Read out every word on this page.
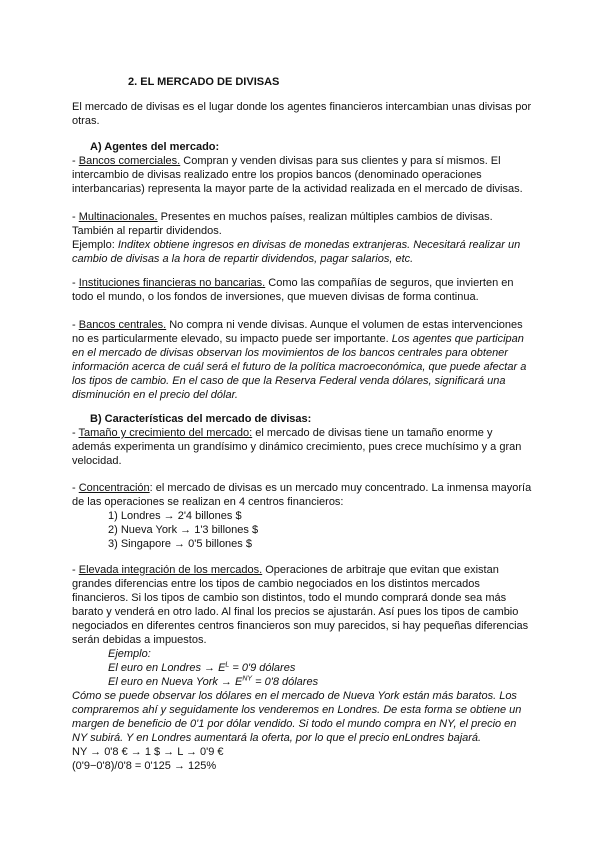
2. EL MERCADO DE DIVISAS

El mercado de divisas es el lugar donde los agentes financieros intercambian unas divisas por otras.

A) Agentes del mercado:

- Bancos comerciales. Compran y venden divisas para sus clientes y para sí mismos. El intercambio de divisas realizado entre los propios bancos (denominado operaciones interbancarias) representa la mayor parte de la actividad realizada en el mercado de divisas.

- Multinacionales. Presentes en muchos países, realizan múltiples cambios de divisas. También al repartir dividendos.

Ejemplo: Inditex obtiene ingresos en divisas de monedas extranjeras. Necesitará realizar un cambio de divisas a la hora de repartir dividendos, pagar salarios, etc.

- Instituciones financieras no bancarias. Como las compañías de seguros, que invierten en todo el mundo, o los fondos de inversiones, que mueven divisas de forma continua.

- Bancos centrales. No compra ni vende divisas. Aunque el volumen de estas intervenciones no es particularmente elevado, su impacto puede ser importante. Los agentes que participan en el mercado de divisas observan los movimientos de los bancos centrales para obtener información acerca de cuál será el futuro de la política macroeconómica, que puede afectar a los tipos de cambio. En el caso de que la Reserva Federal venda dólares, significará una disminución en el precio del dólar.

B) Características del mercado de divisas:

- Tamaño y crecimiento del mercado: el mercado de divisas tiene un tamaño enorme y además experimenta un grandísimo y dinámico crecimiento, pues crece muchísimo y a gran velocidad.

- Concentración: el mercado de divisas es un mercado muy concentrado. La inmensa mayoría de las operaciones se realizan en 4 centros financieros:

1) Londres → 2'4 billones $

2) Nueva York → 1'3 billones $

3) Singapore → 0'5 billones $

- Elevada integración de los mercados. Operaciones de arbitraje que evitan que existan grandes diferencias entre los tipos de cambio negociados en los distintos mercados financieros. Si los tipos de cambio son distintos, todo el mundo comprará donde sea más barato y venderá en otro lado. Al final los precios se ajustarán. Así pues los tipos de cambio negociados en diferentes centros financieros son muy parecidos, si hay pequeñas diferencias serán debidas a impuestos.

Ejemplo:

El euro en Londres → $E^L = 0'9$ dólares

El euro en Nueva York → $E^{NY} = 0'8$ dólares

Cómo se puede observar los dólares en el mercado de Nueva York están más baratos. Los compraremos ahí y seguidamente los venderemos en Londres. De esta forma se obtiene un margen de beneficio de 0'1 por dólar vendido. Si todo el mundo compra en NY, el precio en NY subirá. Y en Londres aumentará la oferta, por lo que el precio enLondres bajará.

NY → 0'8 € → 1 $ → L → 0'9 €

(0'9−0'8)/0'8 = 0'125 → 125%
